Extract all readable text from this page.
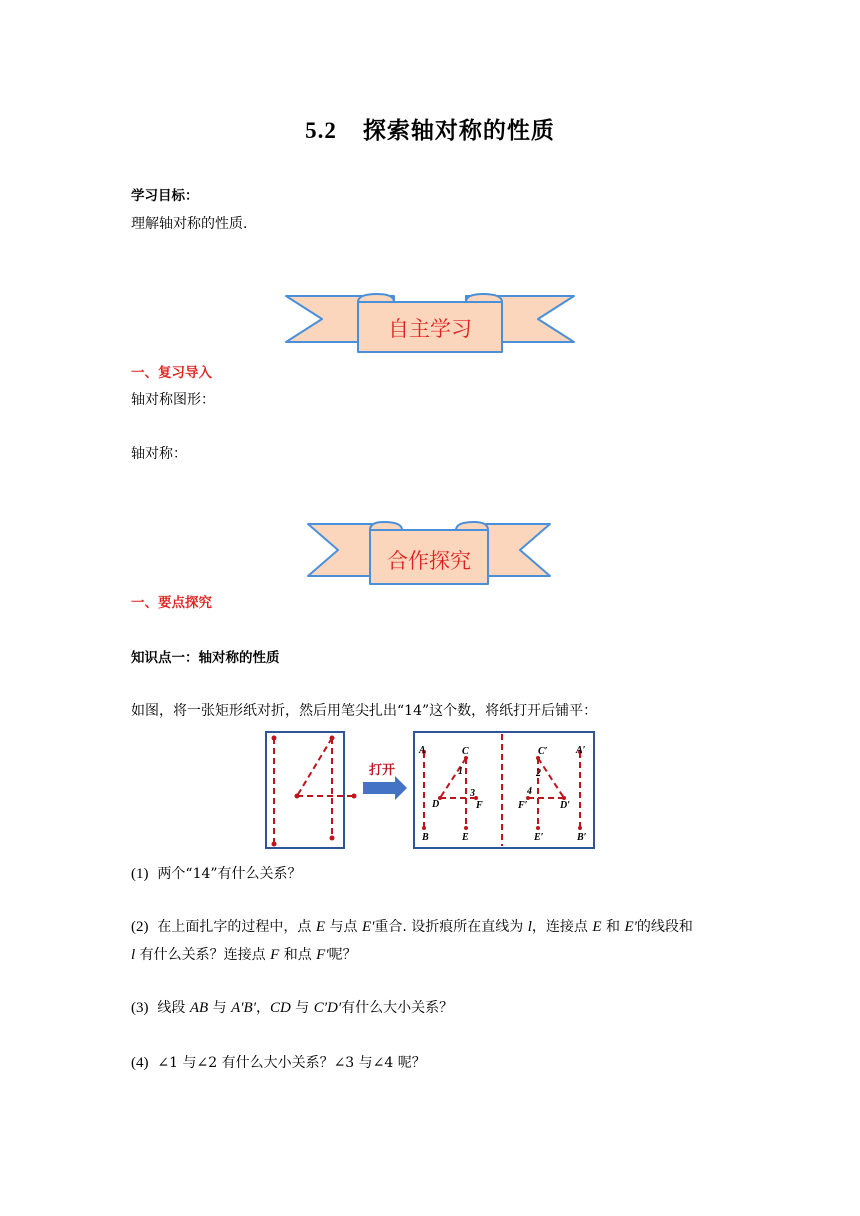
5.2 探索轴对称的性质
学习目标：
理解轴对称的性质.
自主学习
一、复习导入
轴对称图形：
轴对称：
合作探究
一、要点探究
知识点一：轴对称的性质
如图，将一张矩形纸对折，然后用笔尖扎出“14”这个数，将纸打开后铺平：
打开
A
B
C
D
E
F
1
3
A′
B′
C′
D′
E′
F′
2
4
(1) 两个“14”有什么关系？
(2) 在上面扎字的过程中，点 E 与点 E′重合. 设折痕所在直线为 l，连接点 E 和 E′的线段和
l 有什么关系？连接点 F 和点 F′呢？
(3) 线段 AB 与 A′B′，CD 与 C′D′有什么大小关系？
(4) ∠1 与∠2 有什么大小关系？∠3 与∠4 呢？
